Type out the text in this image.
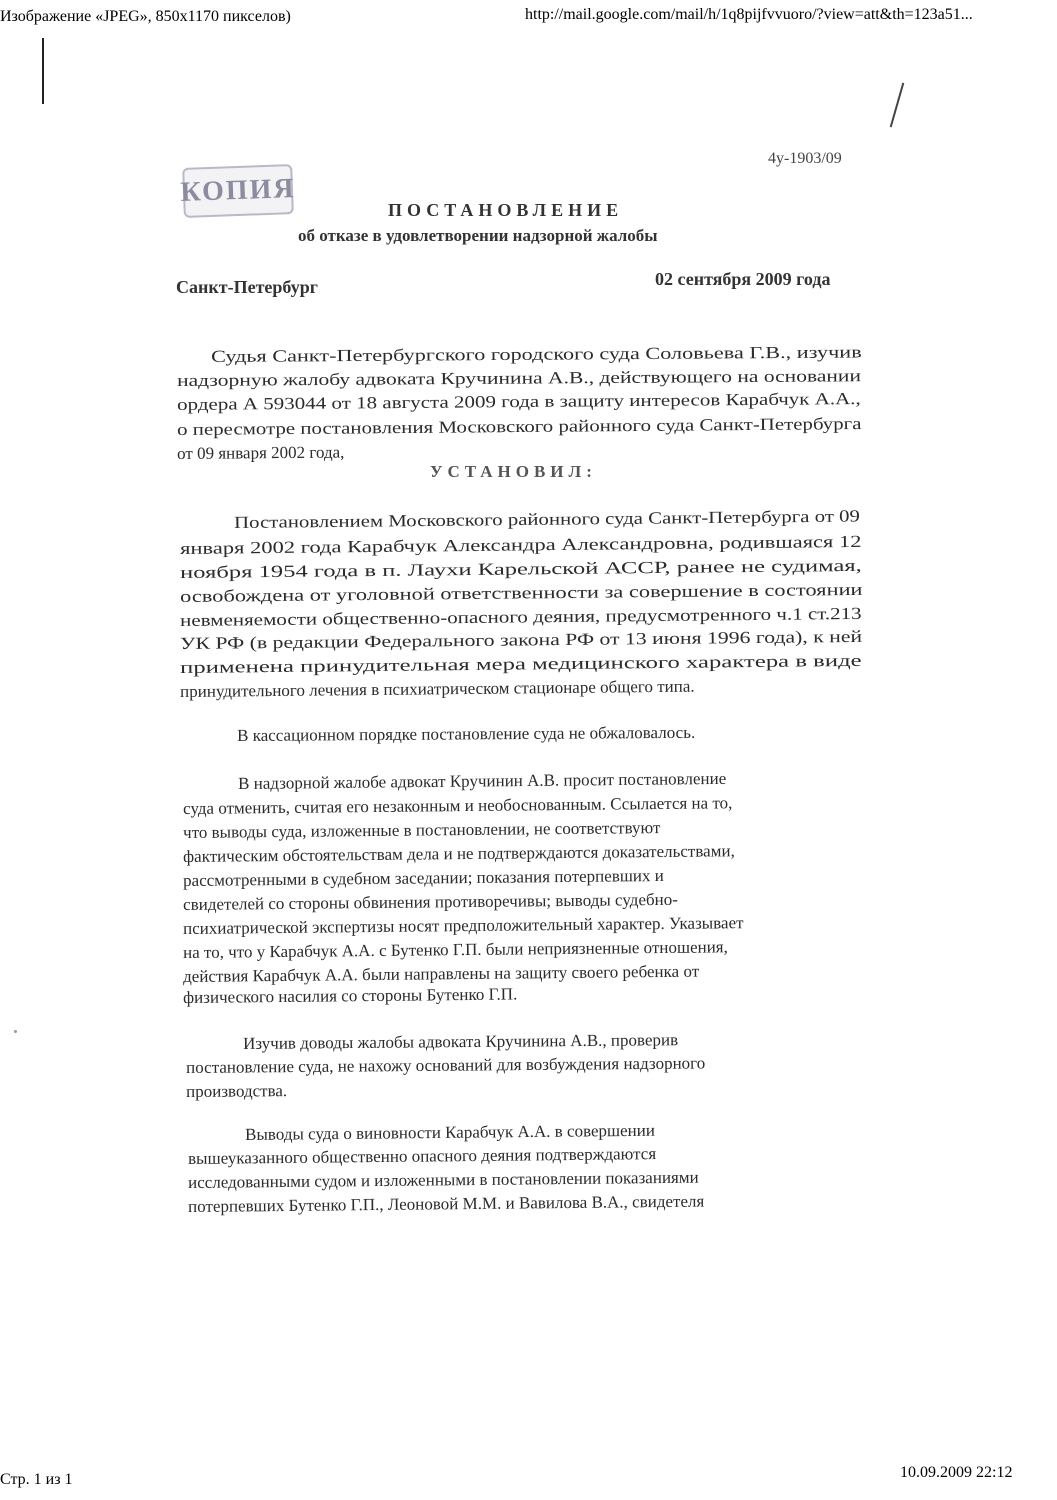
Изображение «JPEG», 850x1170 пикселов)	http://mail.google.com/mail/h/1q8pijfvvuoro/?view=att&th=123a51...
Стр. 1 из 1	10.09.2009 22:12
4у-1903/09
КОПИЯ
ПОСТАНОВЛЕНИЕ
об отказе в удовлетворении надзорной жалобы
Санкт-Петербург	02 сентября 2009 года
УСТАНОВИЛ:
Судья Санкт-Петербургского городского суда Соловьева Г.В., изучив
надзорную жалобу адвоката Кручинина А.В., действующего на основании
ордера А 593044 от 18 августа 2009 года в защиту интересов Карабчук А.А.,
о пересмотре постановления Московского районного суда Санкт-Петербурга
от 09 января 2002 года,
Постановлением Московского районного суда Санкт-Петербурга от 09
января 2002 года Карабчук Александра Александровна, родившаяся 12
ноября 1954 года в п. Лаухи Карельской АССР, ранее не судимая,
освобождена от уголовной ответственности за совершение в состоянии
невменяемости общественно-опасного деяния, предусмотренного ч.1 ст.213
УК РФ (в редакции Федерального закона РФ от 13 июня 1996 года), к ней
применена принудительная мера медицинского характера в виде
принудительного лечения в психиатрическом стационаре общего типа.
В кассационном порядке постановление суда не обжаловалось.
В надзорной жалобе адвокат Кручинин А.В. просит постановление
суда отменить, считая его незаконным и необоснованным. Ссылается на то,
что выводы суда, изложенные в постановлении, не соответствуют
фактическим обстоятельствам дела и не подтверждаются доказательствами,
рассмотренными в судебном заседании; показания потерпевших и
свидетелей со стороны обвинения противоречивы; выводы судебно-
психиатрической экспертизы носят предположительный характер. Указывает
на то, что у Карабчук А.А. с Бутенко Г.П. были неприязненные отношения,
действия Карабчук А.А. были направлены на защиту своего ребенка от
физического насилия со стороны Бутенко Г.П.
Изучив доводы жалобы адвоката Кручинина А.В., проверив
постановление суда, не нахожу оснований для возбуждения надзорного
производства.
Выводы суда о виновности Карабчук А.А. в совершении
вышеуказанного общественно опасного деяния подтверждаются
исследованными судом и изложенными в постановлении показаниями
потерпевших Бутенко Г.П., Леоновой М.М. и Вавилова В.А., свидетеля
